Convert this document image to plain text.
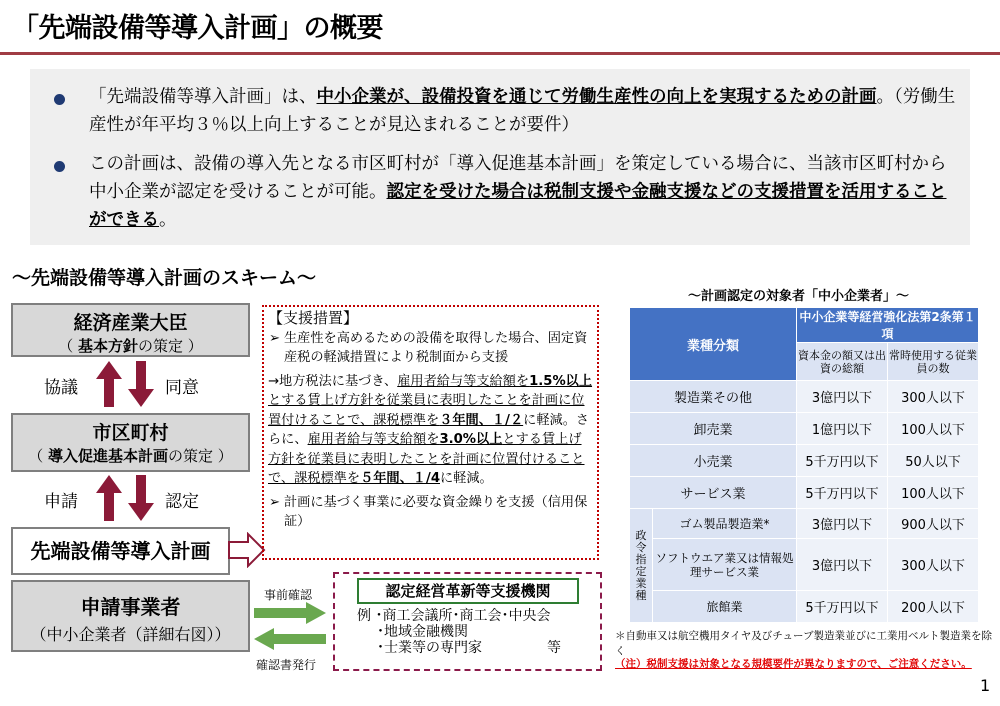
「先端設備等導入計画」の概要
「先端設備等導入計画」は、中小企業が、設備投資を通じて労働生産性の向上を実現するための計画。（労働生産性が年平均３％以上向上することが見込まれることが要件）
この計画は、設備の導入先となる市区町村が「導入促進基本計画」を策定している場合に、当該市区町村から中小企業が認定を受けることが可能。認定を受けた場合は税制支援や金融支援などの支援措置を活用することができる。
～先端設備等導入計画のスキーム～
経済産業大臣
（ 基本方針の策定 ）
協議	同意
市区町村
（ 導入促進基本計画の策定 ）
申請	認定
先端設備等導入計画
申請事業者
（中小企業者（詳細右図））
事前確認
確認書発行

【支援措置】

➢ 生産性を高めるための設備を取得した場合、固定資産税の軽減措置により税制面から支援

→地方税法に基づき、雇用者給与等支給額を1.5%以上とする賃上げ方針を従業員に表明したことを計画に位置付けることで、課税標準を３年間、１/２に軽減。さらに、雇用者給与等支給額を3.0%以上とする賃上げ方針を従業員に表明したことを計画に位置付けることで、課税標準を５年間、１/4に軽減。

➢ 計画に基づく事業に必要な資金繰りを支援（信用保証）

認定経営革新等支援機関
例 ･商工会議所･商工会･中央会
･地域金融機関
･士業等の専門家	等
～計画認定の対象者「中小企業者」～
業種分類		中小企業等経営強化法第2条第１項	
		資本金の額又は出資の総額	常時使用する従業員の数
製造業その他		3億円以下	300人以下
卸売業		1億円以下	100人以下
小売業		5千万円以下	50人以下
サービス業		5千万円以下	100人以下

政令指定業種	ゴム製品製造業*	3億円以下	900人以下
	ソフトウエア業又は情報処理サービス業	3億円以下	300人以下
	旅館業	5千万円以下	200人以下
＊自動車又は航空機用タイヤ及びチューブ製造業並びに工業用ベルト製造業を除く
（注）税制支援は対象となる規模要件が異なりますので、ご注意ください。
1
